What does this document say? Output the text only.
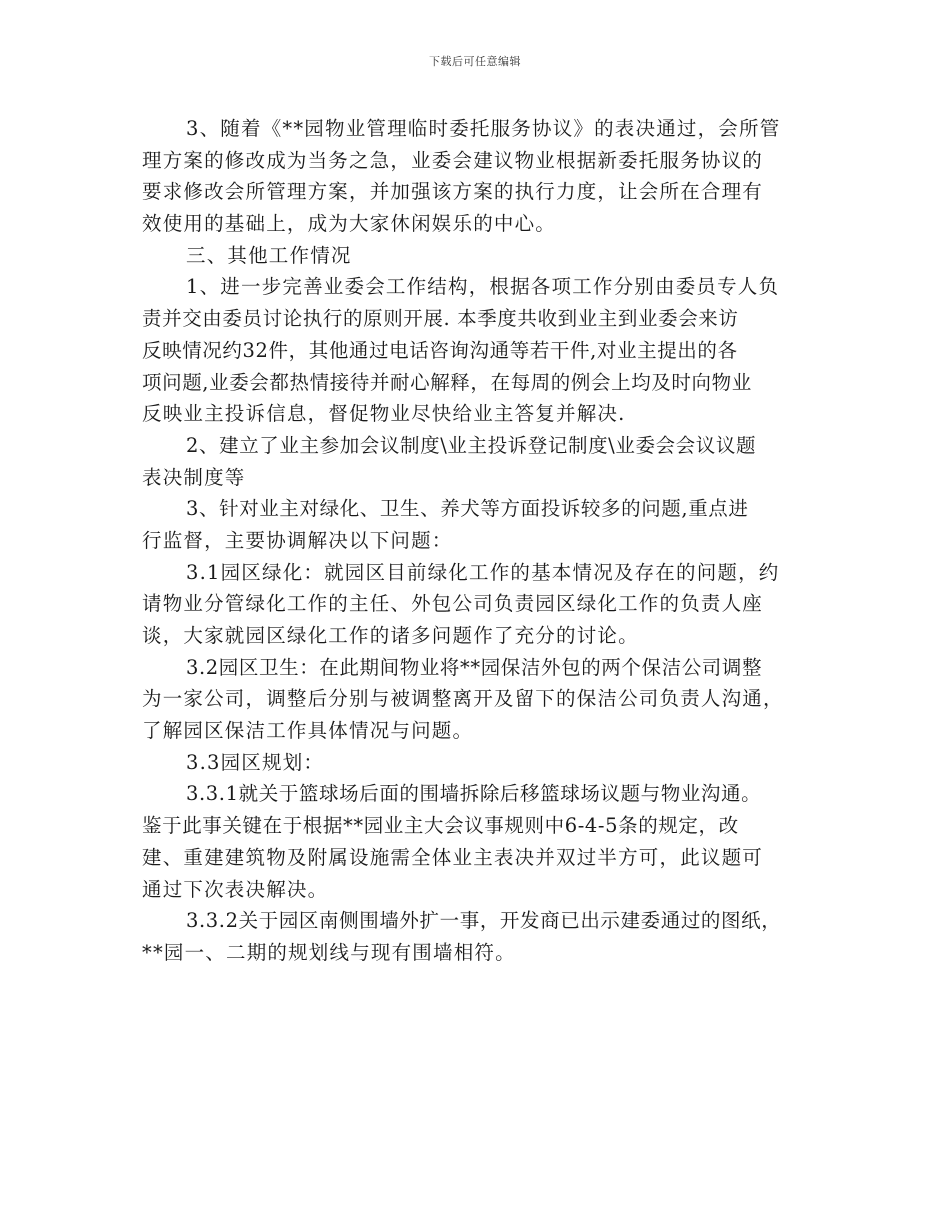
下载后可任意编辑
3、随着《**园物业管理临时委托服务协议》的表决通过，会所管
理方案的修改成为当务之急，业委会建议物业根据新委托服务协议的
要求修改会所管理方案，并加强该方案的执行力度，让会所在合理有
效使用的基础上，成为大家休闲娱乐的中心。
三、其他工作情况
1、进一步完善业委会工作结构，根据各项工作分别由委员专人负
责并交由委员讨论执行的原则开展. 本季度共收到业主到业委会来访
反映情况约32件，其他通过电话咨询沟通等若干件,对业主提出的各
项问题,业委会都热情接待并耐心解释，在每周的例会上均及时向物业
反映业主投诉信息，督促物业尽快给业主答复并解决.
2、建立了业主参加会议制度\业主投诉登记制度\业委会会议议题
表决制度等
3、针对业主对绿化、卫生、养犬等方面投诉较多的问题,重点进
行监督，主要协调解决以下问题：
3.1园区绿化：就园区目前绿化工作的基本情况及存在的问题，约
请物业分管绿化工作的主任、外包公司负责园区绿化工作的负责人座
谈，大家就园区绿化工作的诸多问题作了充分的讨论。
3.2园区卫生：在此期间物业将**园保洁外包的两个保洁公司调整
为一家公司，调整后分别与被调整离开及留下的保洁公司负责人沟通，
了解园区保洁工作具体情况与问题。
3.3园区规划：
3.3.1就关于篮球场后面的围墙拆除后移篮球场议题与物业沟通。
鉴于此事关键在于根据**园业主大会议事规则中6-4-5条的规定，改
建、重建建筑物及附属设施需全体业主表决并双过半方可，此议题可
通过下次表决解决。
3.3.2关于园区南侧围墙外扩一事，开发商已出示建委通过的图纸，
**园一、二期的规划线与现有围墙相符。
